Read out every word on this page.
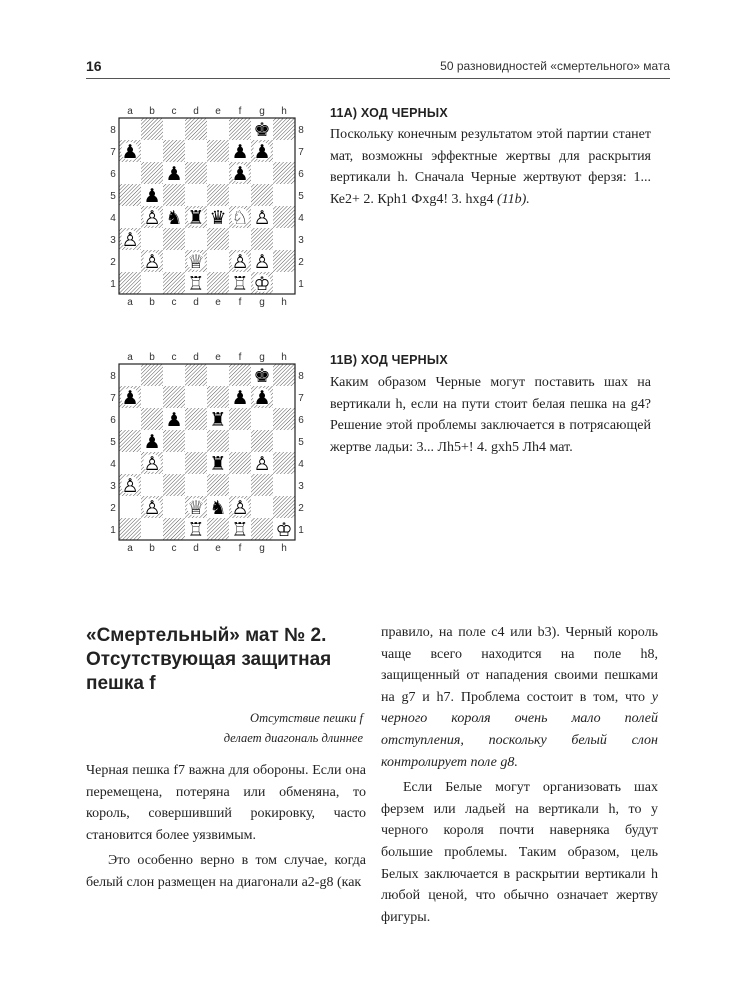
16	50 разновидностей «смертельного» мата
a
a
b
b
c
c
d
d
e
e
f
f
g
g
h
h
8	8
7	7
6	6
5	5
4	4
3	3
2	2
1	1
♚
♟	♟ ♟
♟	♟
♟
♙ ♞ ♜ ♛ ♘ ♙
♙
♙ ♕ ♙ ♙
♖ ♖ ♔
11A) ХОД ЧЕРНЫХ
Поскольку конечным результатом этой партии станет мат, возможны эффектные жертвы для раскрытия вертикали h. Сначала Черные жертвуют ферзя: 1... Ке2+ 2. Крh1 Фхg4! 3. hxg4 (11b).
a
a
b
b
c
c
d
d
e
e
f
f
g
g
h
h
8	8
7	7
6	6
5	5
4	4
3	3
2	2
1	1
♚
♟	♟ ♟
♟ ♜
♟
♙	♜ ♙
♙
♙ ♕ ♞ ♙
♖ ♖ ♔
11B) ХОД ЧЕРНЫХ
Каким образом Черные могут поставить шах на вертикали h, если на пути стоит белая пешка на g4? Решение этой проблемы заключается в потрясающей жертве ладьи: 3... Лh5+! 4. gxh5 Лh4 мат.
«Смертельный» мат № 2. Отсутствующая защитная пешка f
Отсутствие пешки f
делает диагональ длиннее

Черная пешка f7 важна для обороны. Если она перемещена, потеряна или обменяна, то король, совершивший рокировку, часто становится более уязвимым.

Это особенно верно в том случае, когда белый слон размещен на диагонали a2-g8 (как

правило, на поле c4 или b3). Черный король чаще всего находится на поле h8, защищенный от нападения своими пешками на g7 и h7. Проблема состоит в том, что у черного короля очень мало полей отступления, поскольку белый слон контролирует поле g8.

Если Белые могут организовать шах ферзем или ладьей на вертикали h, то у черного короля почти наверняка будут большие проблемы. Таким образом, цель Белых заключается в раскрытии вертикали h любой ценой, что обычно означает жертву фигуры.
